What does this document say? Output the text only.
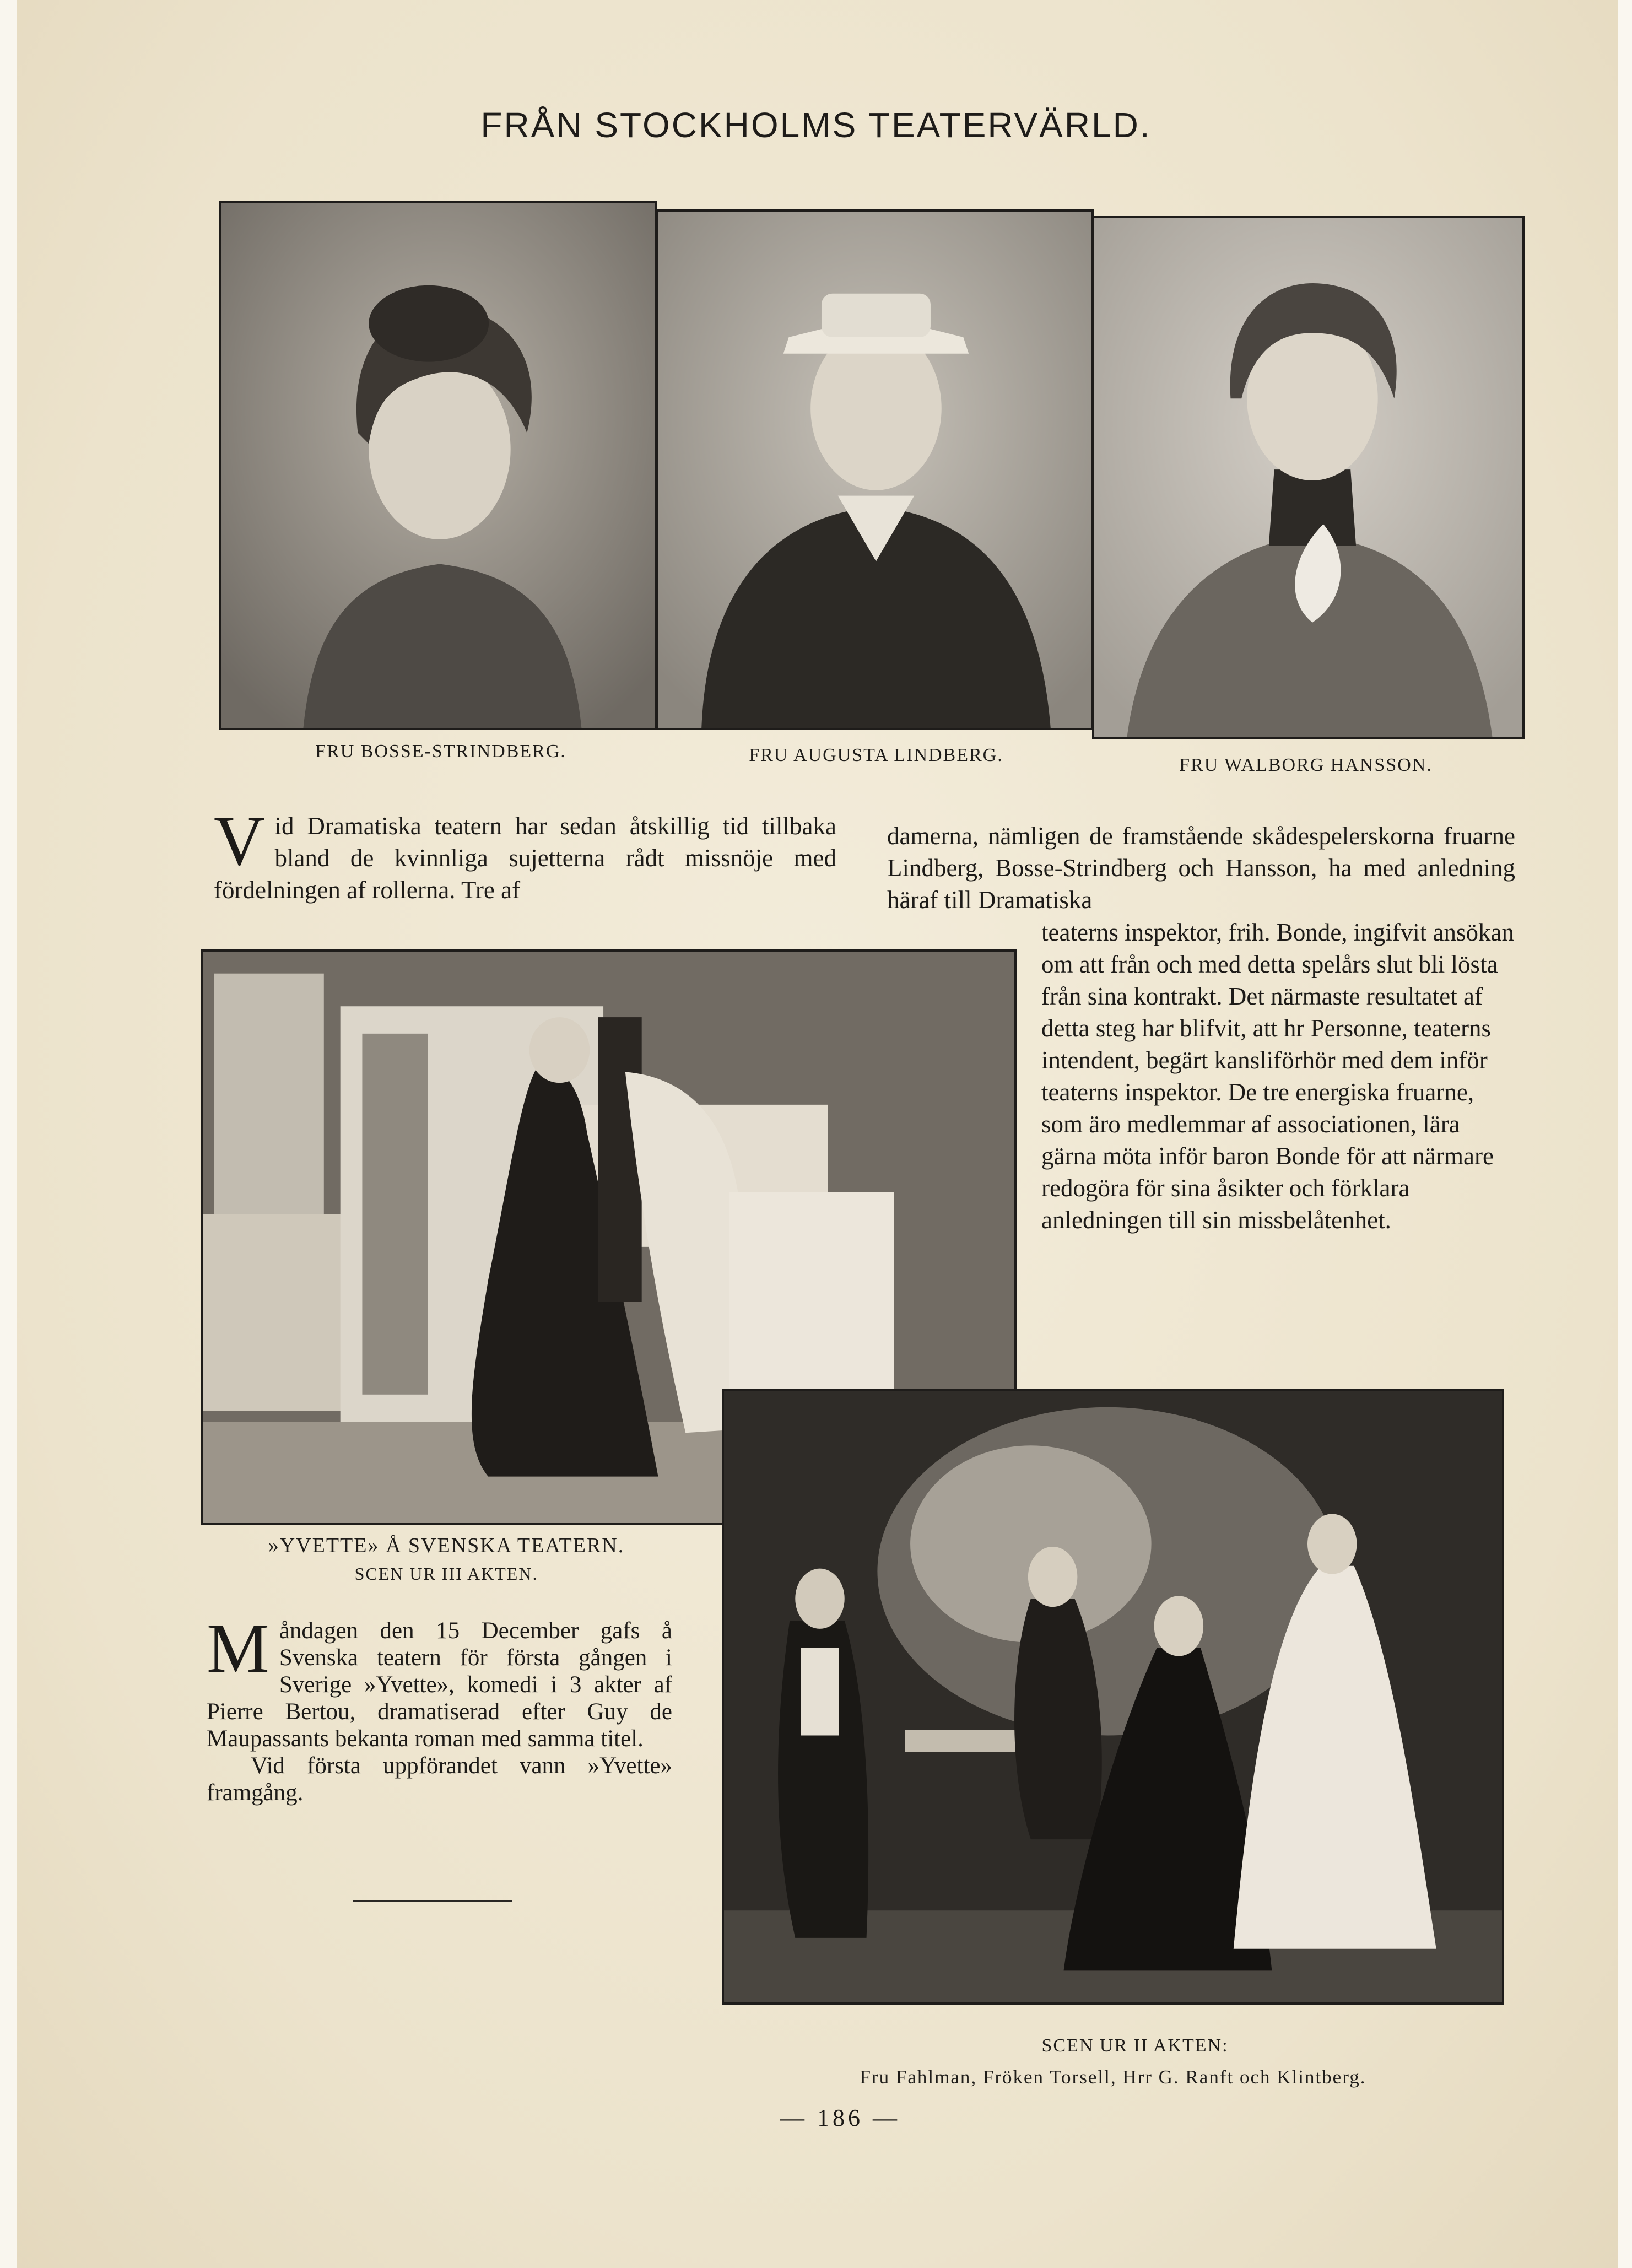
FRÅN STOCKHOLMS TEATERVÄRLD.
FRU BOSSE-STRINDBERG.	FRU AUGUSTA LINDBERG.	FRU WALBORG HANSSON.
Vid Dramatiska teatern har sedan åtskillig tid tillbaka bland de kvinnliga sujetterna rådt missnöje med fördelningen af rollerna. Tre af
damerna, nämligen de framstående skådespelerskorna fruarne Lindberg, Bosse-Strindberg och Hansson, ha med anledning häraf till Dramatiska
teaterns inspektor, frih. Bonde, ingifvit ansökan om att från och med detta spelårs slut bli lösta från sina kontrakt. Det närmaste resultatet af detta steg har blifvit, att hr Personne, teaterns intendent, begärt kansliförhör med dem inför teaterns inspektor. De tre energiska fruarne, som äro medlemmar af associationen, lära gärna möta inför baron Bonde för att närmare redogöra för sina åsikter och förklara anledningen till sin missbelåtenhet.
»YVETTE» Å SVENSKA TEATERN.
SCEN UR III AKTEN.
Måndagen den 15 December gafs å Svenska teatern för första gången i Sverige »Yvette», komedi i 3 akter af Pierre Bertou, dramatiserad efter Guy de Maupassants bekanta roman med samma titel.
Vid första uppförandet vann »Yvette» framgång.
SCEN UR II AKTEN:
Fru Fahlman, Fröken Torsell, Hrr G. Ranft och Klintberg.
— 186 —
